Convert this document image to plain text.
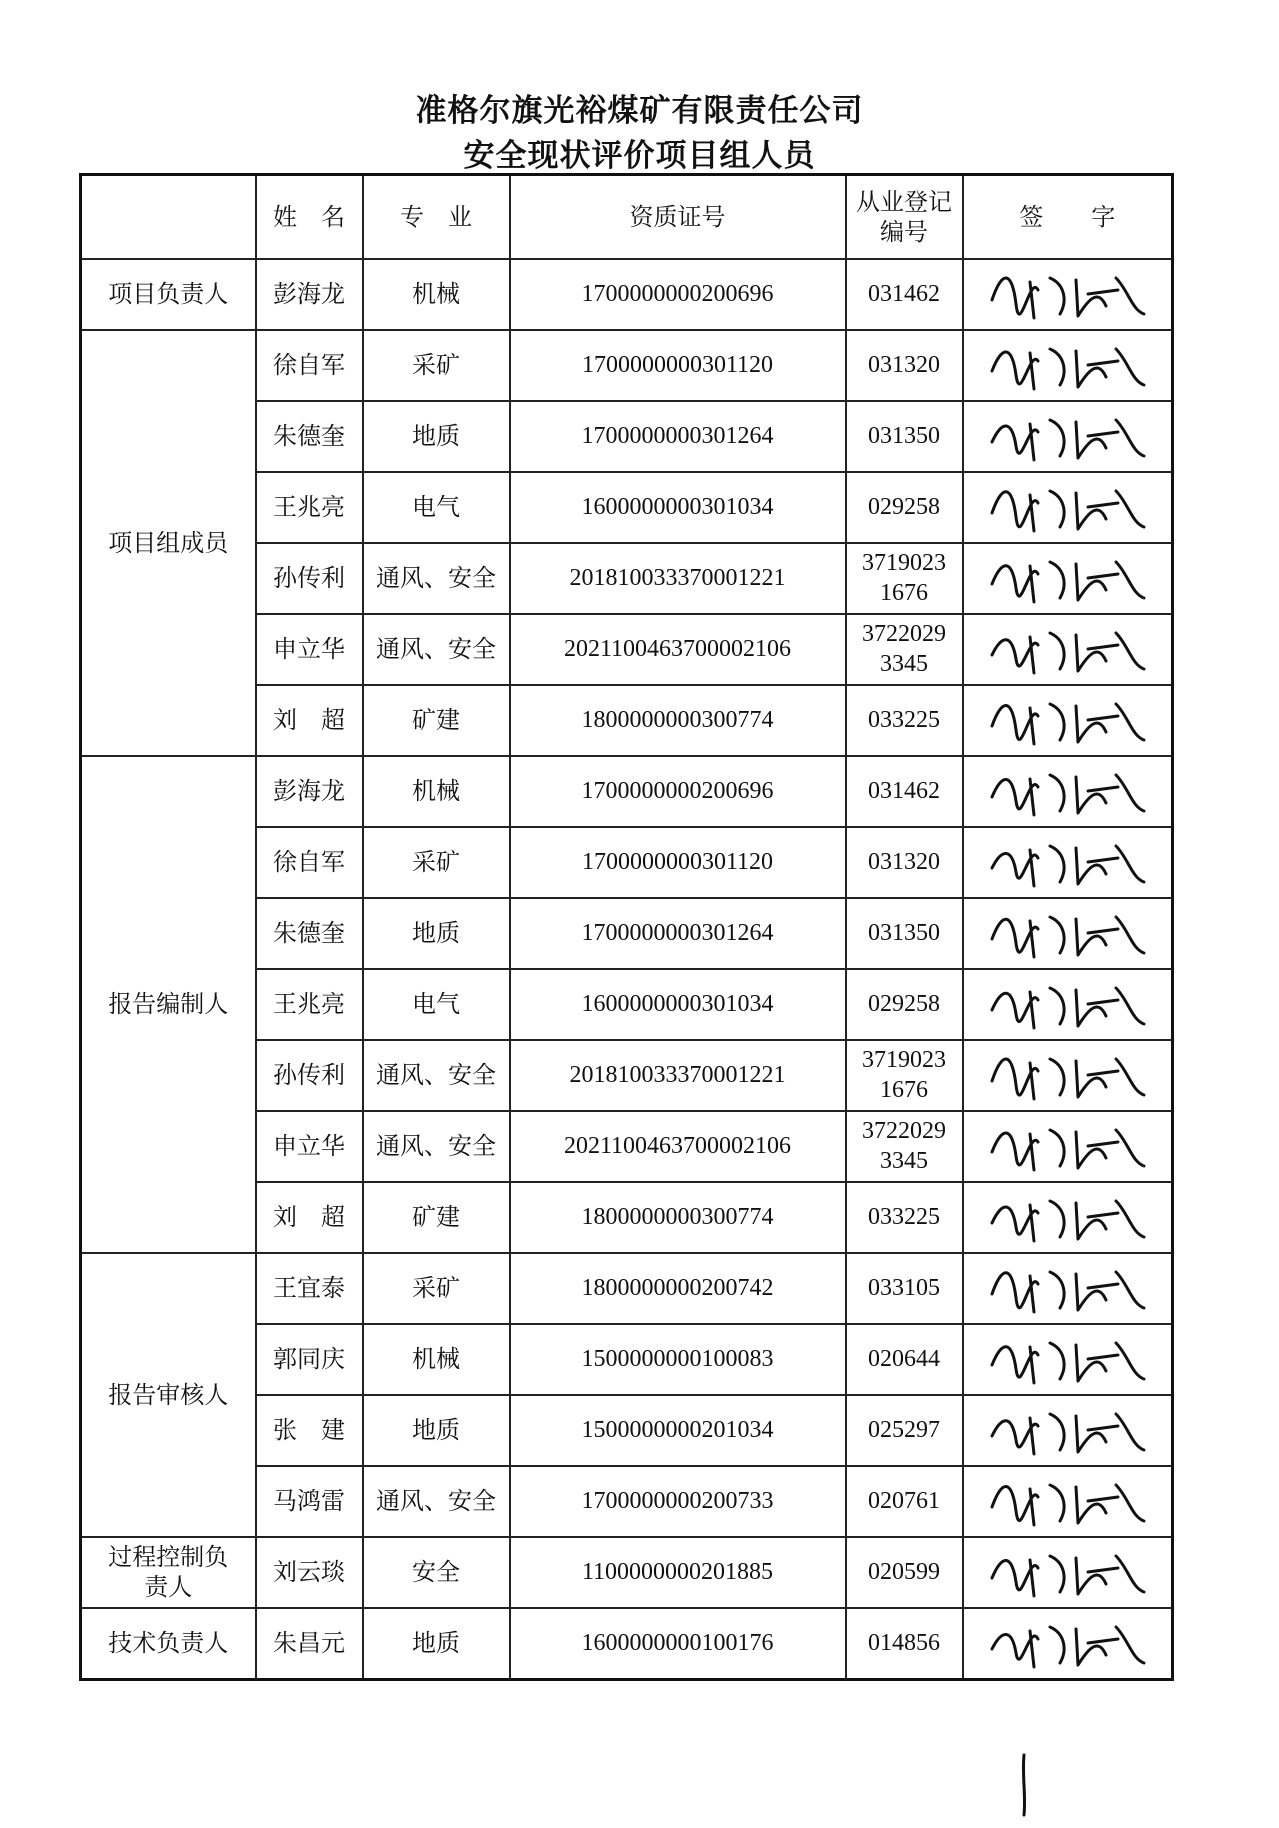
准格尔旗光裕煤矿有限责任公司
安全现状评价项目组人员
	姓　名	专　业	资质证号	从业登记
编号	签　　字
项目负责人	彭海龙	机械	1700000000200696	031462	

项目组成员	徐自军	采矿	1700000000301120	031320	

	朱德奎	地质	1700000000301264	031350	

	王兆亮	电气	1600000000301034	029258	

	孙传利	通风、安全	201810033370001221	3719023
1676	

	申立华	通风、安全	2021100463700002106	3722029
3345	

	刘　超	矿建	1800000000300774	033225	

报告编制人	彭海龙	机械	1700000000200696	031462	

	徐自军	采矿	1700000000301120	031320	

	朱德奎	地质	1700000000301264	031350	

	王兆亮	电气	1600000000301034	029258	

	孙传利	通风、安全	201810033370001221	3719023
1676	

	申立华	通风、安全	2021100463700002106	3722029
3345	

	刘　超	矿建	1800000000300774	033225	

报告审核人	王宜泰	采矿	1800000000200742	033105	

	郭同庆	机械	1500000000100083	020644	

	张　建	地质	1500000000201034	025297	

	马鸿雷	通风、安全	1700000000200733	020761	

过程控制负
责人	刘云琰	安全	1100000000201885	020599	

技术负责人	朱昌元	地质	1600000000100176	014856	
